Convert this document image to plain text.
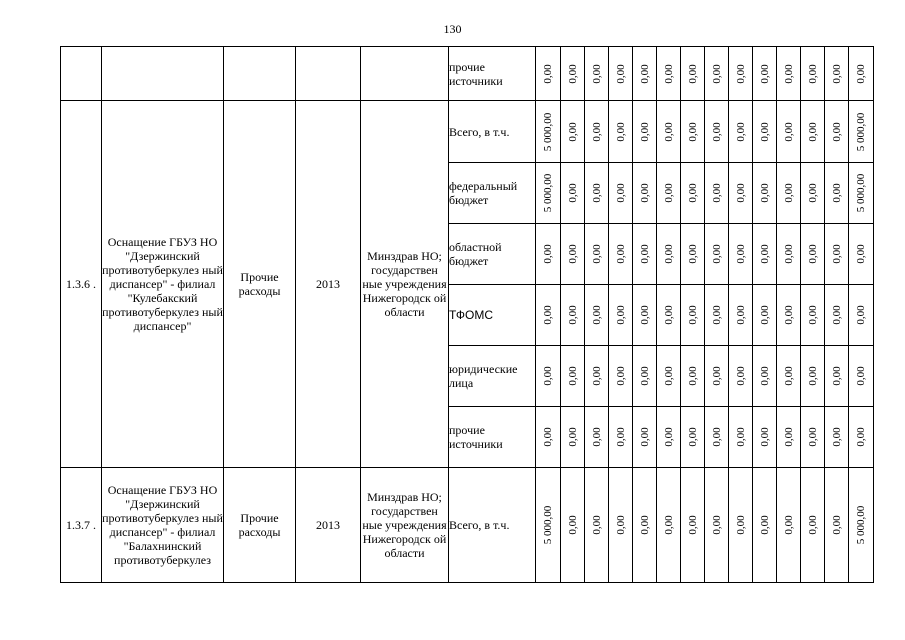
130
					прочие источники	0,00	0,00	0,00	0,00	0,00	0,00	0,00	0,00	0,00	0,00	0,00	0,00	0,00	0,00

1.3.6 .	Оснащение ГБУЗ НО "Дзержинский противотуберкулез ный диспансер" - филиал "Кулебакский противотуберкулез ный диспансер"	Прочие расходы	2013	Минздрав НО; государствен ные учреждения Нижегородск ой области	Всего, в т.ч.	5 000,00	0,00	0,00	0,00	0,00	0,00	0,00	0,00	0,00	0,00	0,00	0,00	0,00	5 000,00

					федеральный бюджет	5 000,00	0,00	0,00	0,00	0,00	0,00	0,00	0,00	0,00	0,00	0,00	0,00	0,00	5 000,00

					областной бюджет	0,00	0,00	0,00	0,00	0,00	0,00	0,00	0,00	0,00	0,00	0,00	0,00	0,00	0,00

					ТФОМС	0,00	0,00	0,00	0,00	0,00	0,00	0,00	0,00	0,00	0,00	0,00	0,00	0,00	0,00

					юридические лица	0,00	0,00	0,00	0,00	0,00	0,00	0,00	0,00	0,00	0,00	0,00	0,00	0,00	0,00

					прочие источники	0,00	0,00	0,00	0,00	0,00	0,00	0,00	0,00	0,00	0,00	0,00	0,00	0,00	0,00

1.3.7 .	Оснащение ГБУЗ НО "Дзержинский противотуберкулез ный диспансер" - филиал "Балахнинский противотуберкулез	Прочие расходы	2013	Минздрав НО; государствен ные учреждения Нижегородск ой области	Всего, в т.ч.	5 000,00	0,00	0,00	0,00	0,00	0,00	0,00	0,00	0,00	0,00	0,00	0,00	0,00	5 000,00
